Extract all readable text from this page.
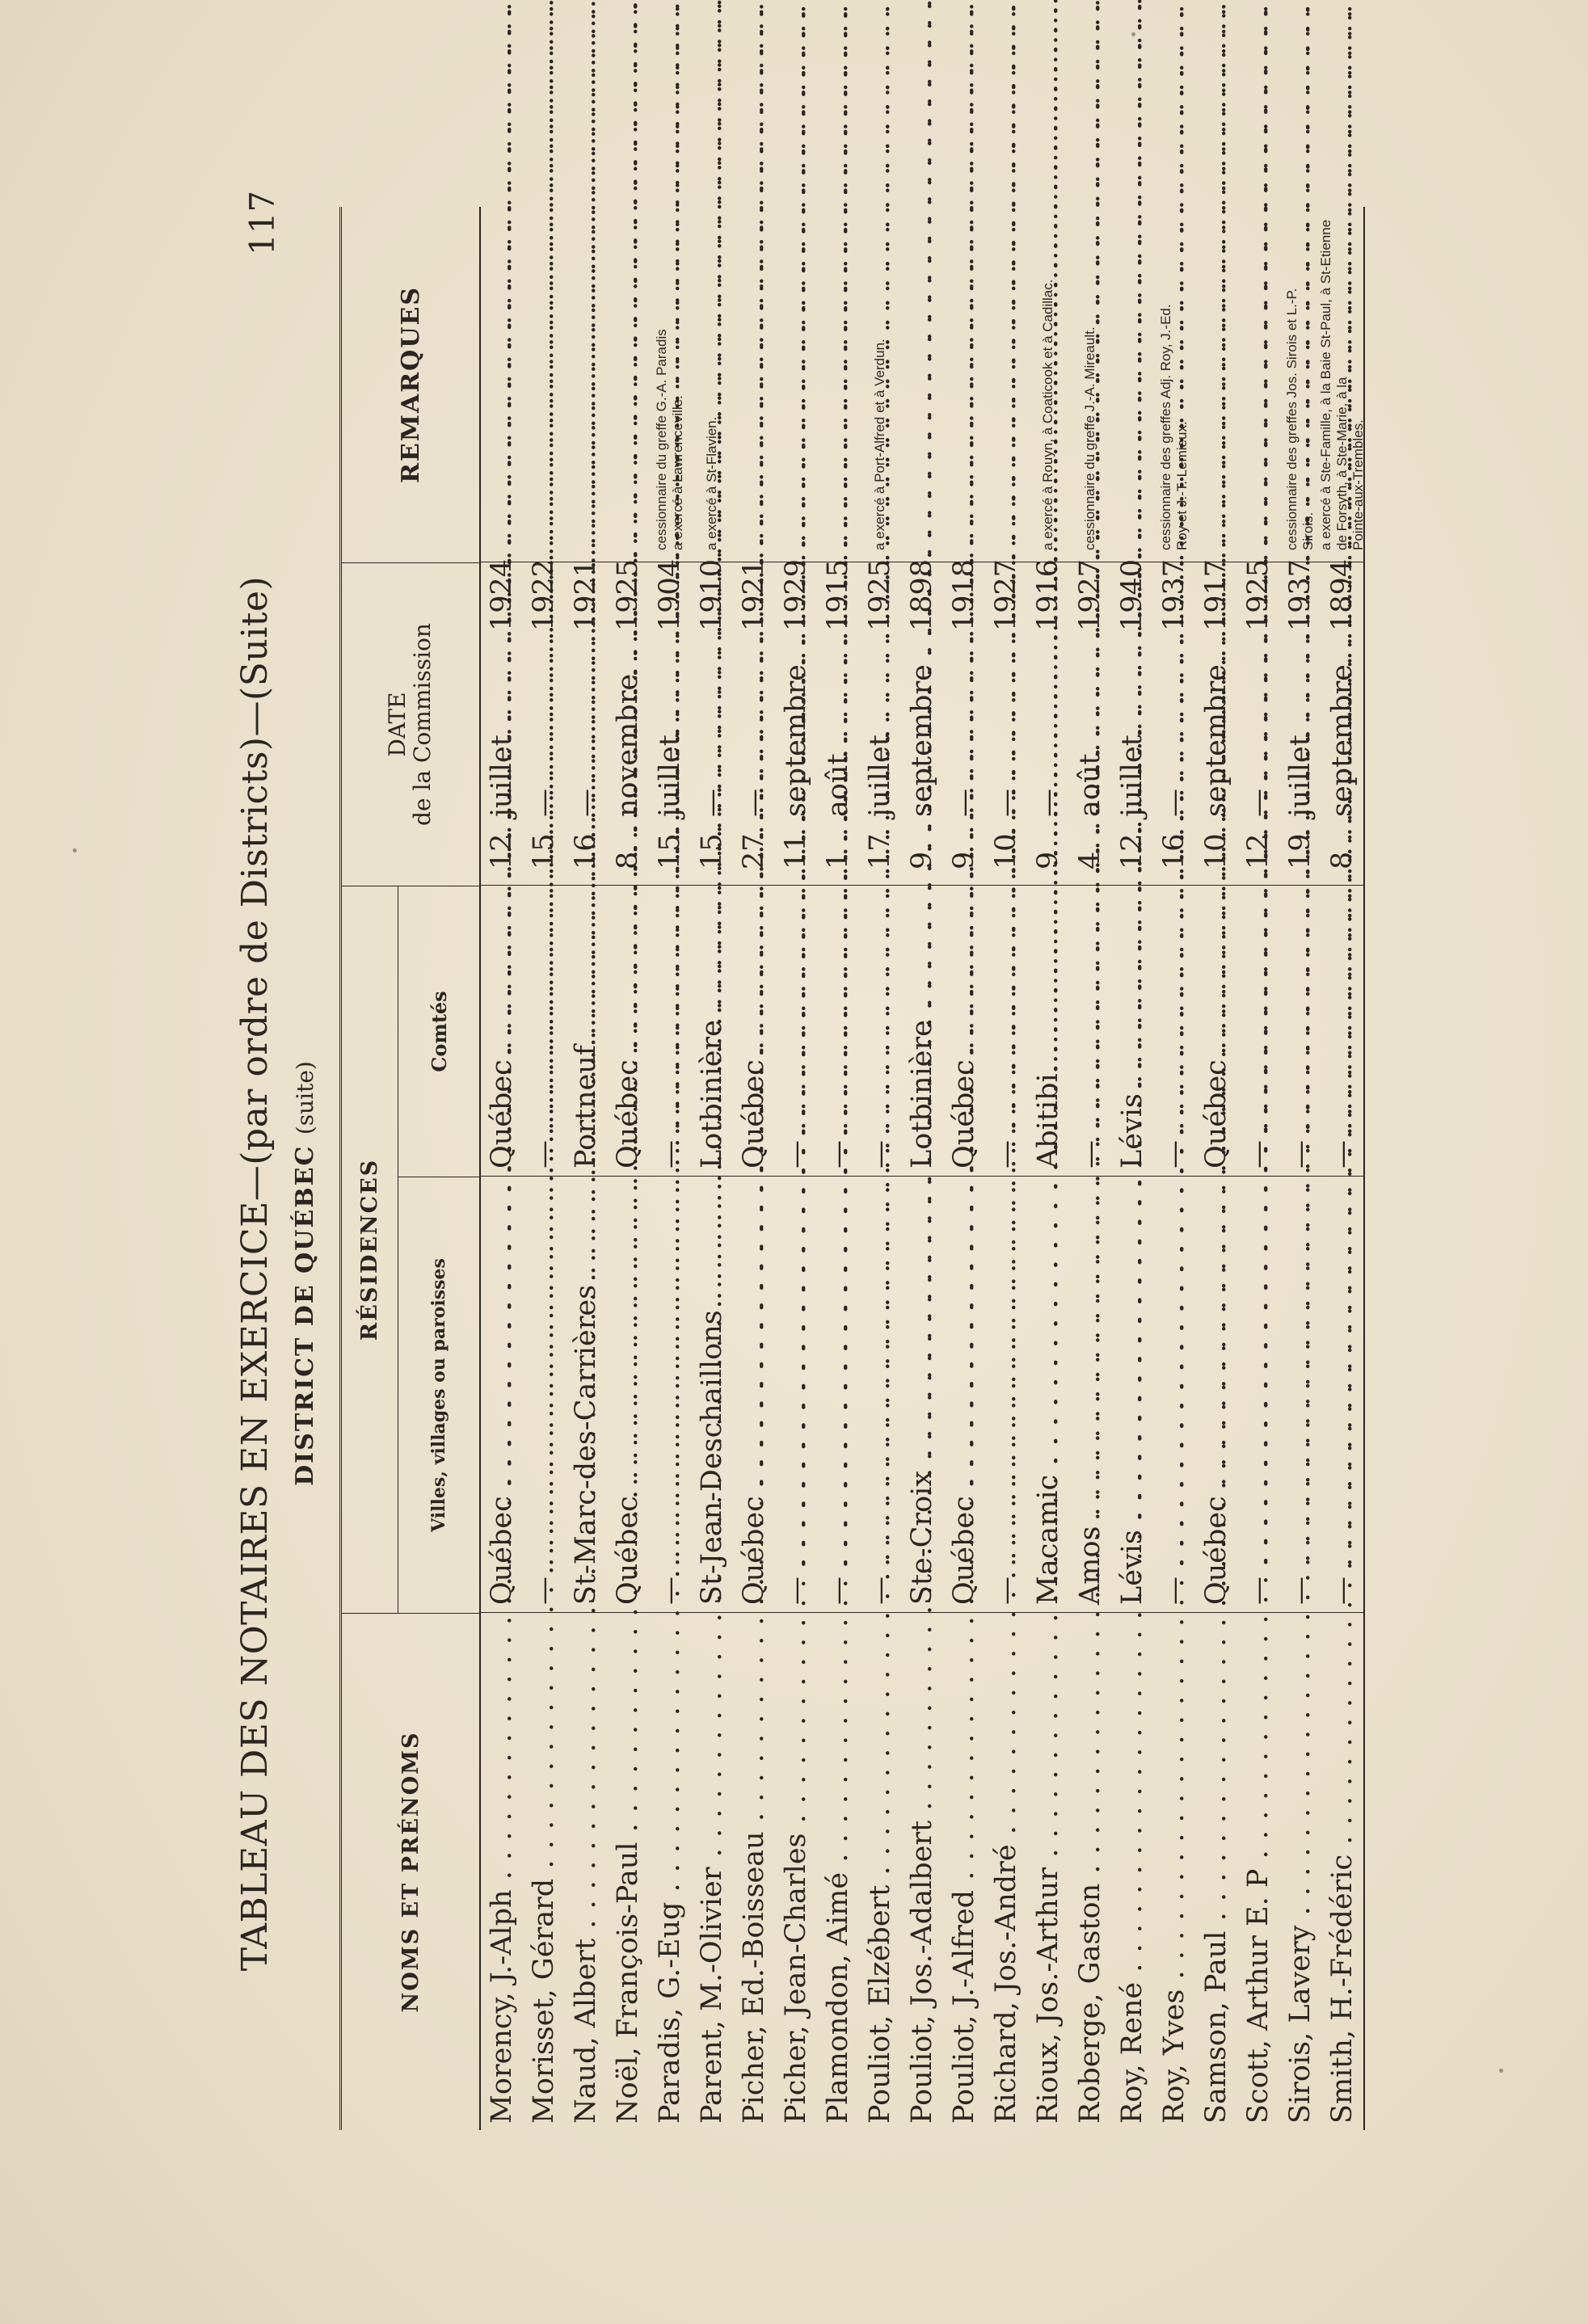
117
TABLEAU DES NOTAIRES EN EXERCICE—(par ordre de Districts)—(Suite) DISTRICT DE QUÉBEC (suite)
NOMS ET PRÉNOMS
RÉSIDENCES
Villes, villages ou paroisses
Comtés
DATE
de la Commission
REMARQUES
Morency, J.-Alph . . .
Québec . . .
Québec . . .
12
juillet
1924
Morisset, Gérard . . .
— . . .
— . . .
15
—
1922
Naud, Albert . . .
St-Marc-des-Carrières . . .
Portneuf . . .
16
—
1921
Noël, François-Paul . . .
Québec . . .
Québec . . .
8
novembre
1925
Paradis, G.-Eug . . .
— . . .
— . . .
15
juillet
1904
cessionnaire du greffe G.-A. Paradis a exercé à Lawrenceville.
Parent, M.-Olivier . . .
St-Jean-Deschaillons . . .
Lotbinière . . .
15
—
1910
a exercé à St-Flavien.
Picher, Ed.-Boisseau . . .
Québec . . .
Québec . . .
27
—
1921
Picher, Jean-Charles . . .
— . . .
— . . .
11
septembre
1929
Plamondon, Aimé . . .
— . . .
— . . .
1
août
1915
Pouliot, Elzébert . . .
— . . .
— . . .
17
juillet
1925
a exercé à Port-Alfred et à Verdun.
Pouliot, Jos.-Adalbert . . .
Ste-Croix . . .
Lotbinière . . .
9
septembre
1898
Pouliot, J.-Alfred . . .
Québec . . .
Québec . . .
9
—
1918
Richard, Jos.-André . . .
— . . .
— . . .
10
—
1927
Rioux, Jos.-Arthur . . .
Macamic . . .
Abitibi . . .
9
—
1916
a exercé à Rouyn, à Coaticook et à Cadillac.
Roberge, Gaston . . .
Amos . . .
— . . .
4
août
1927
cessionnaire du greffe J.-A. Mireault.
Roy, René . . .
Lévis . . .
Lévis . . .
12
juillet
1940
Roy, Yves . . .
— . . .
— . . .
16
—
1937
cessionnaire des greffes Adj. Roy, J.-Ed. Roy et J.-T. Lemieux.
Samson, Paul . . .
Québec . . .
Québec . . .
10
septembre
1917
Scott, Arthur E. P . . .
— . . .
— . . .
12
—
1925
Sirois, Lavery . . .
— . . .
— . . .
19
juillet
1937
cessionnaire des greffes Jos. Sirois et L.-P. Sirois.
Smith, H.-Frédéric . . .
— . . .
— . . .
8
septembre
1894
a exercé à Ste-Famille, à la Baie St-Paul, à St-Etienne de Forsyth, à Ste-Marie, à la Pointe-aux-Trembles.
